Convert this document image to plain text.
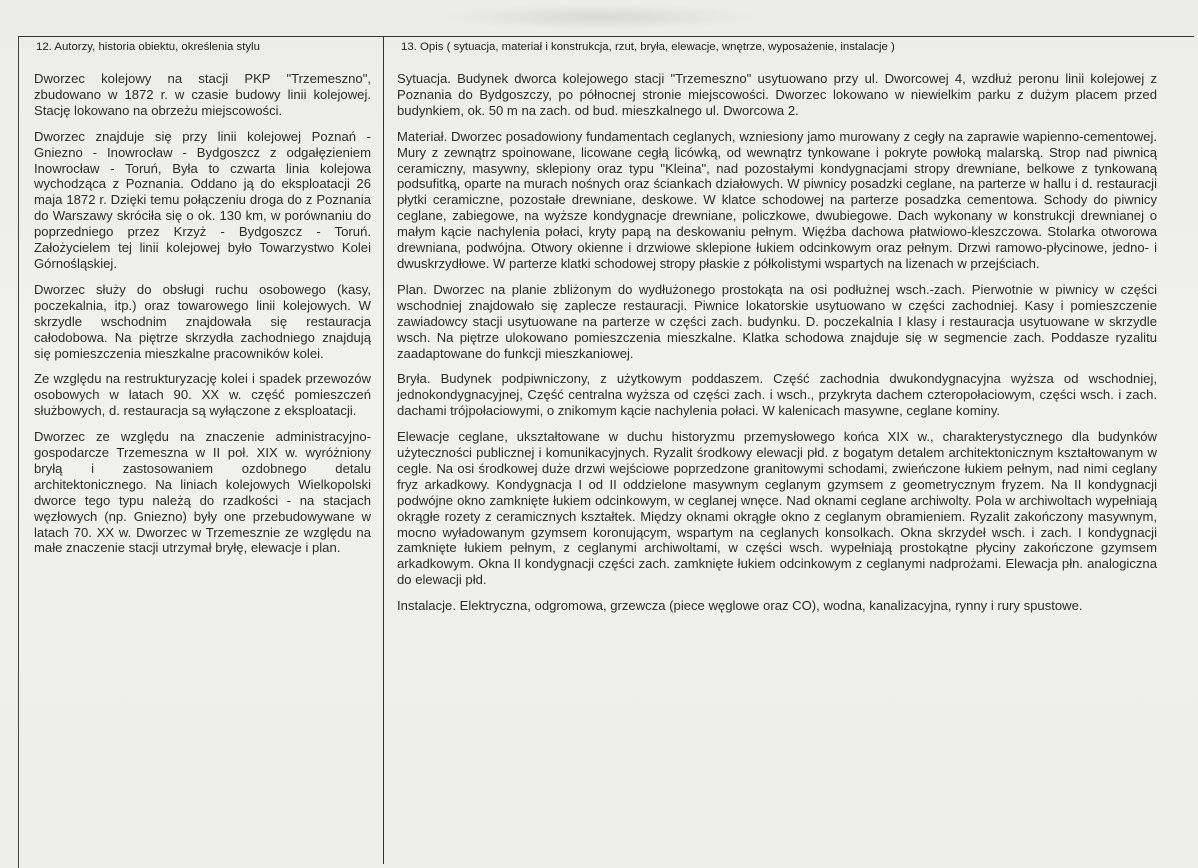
12. Autorzy, historia obiektu, określenia stylu

Dworzec kolejowy na stacji PKP "Trzemeszno", zbudowano w 1872 r. w czasie budowy linii kolejowej. Stację lokowano na obrzeżu miejscowości.

Dworzec znajduje się przy linii kolejowej Poznań - Gniezno - Inowrocław - Bydgoszcz z odgałęzieniem Inowrocław - Toruń, Była to czwarta linia kolejowa wychodząca z Poznania. Oddano ją do eksploatacji 26 maja 1872 r. Dzięki temu połączeniu droga do z Poznania do Warszawy skróciła się o ok. 130 km, w porównaniu do poprzedniego przez Krzyż - Bydgoszcz - Toruń. Założycielem tej linii kolejowej było Towarzystwo Kolei Górnośląskiej.

Dworzec służy do obsługi ruchu osobowego (kasy, poczekalnia, itp.) oraz towarowego linii kolejowych. W skrzydle wschodnim znajdowała się restauracja całodobowa. Na piętrze skrzydła zachodniego znajdują się pomieszczenia mieszkalne pracowników kolei.

Ze względu na restrukturyzację kolei i spadek przewozów osobowych w latach 90. XX w. część pomieszczeń służbowych, d. restauracja są wyłączone z eksploatacji.

Dworzec ze względu na znaczenie administracyjno-gospodarcze Trzemeszna w II poł. XIX w. wyróżniony bryłą i zastosowaniem ozdobnego detalu architektonicznego. Na liniach kolejowych Wielkopolski dworce tego typu należą do rzadkości - na stacjach węzłowych (np. Gniezno) były one przebudowywane w latach 70. XX w. Dworzec w Trzemesznie ze względu na małe znaczenie stacji utrzymał bryłę, elewacje i plan.

13. Opis ( sytuacja, materiał i konstrukcja, rzut, bryła, elewacje, wnętrze, wyposażenie, instalacje )

Sytuacja. Budynek dworca kolejowego stacji "Trzemeszno" usytuowano przy ul. Dworcowej 4, wzdłuż peronu linii kolejowej z Poznania do Bydgoszczy, po północnej stronie miejscowości. Dworzec lokowano w niewielkim parku z dużym placem przed budynkiem, ok. 50 m na zach. od bud. mieszkalnego ul. Dworcowa 2.

Materiał. Dworzec posadowiony fundamentach ceglanych, wzniesiony jamo murowany z cegły na zaprawie wapienno-cementowej. Mury z zewnątrz spoinowane, licowane cegłą licówką, od wewnątrz tynkowane i pokryte powłoką malarską. Strop nad piwnicą ceramiczny, masywny, sklepiony oraz typu "Kleina", nad pozostałymi kondygnacjami stropy drewniane, belkowe z tynkowaną podsufitką, oparte na murach nośnych oraz ściankach działowych. W piwnicy posadzki ceglane, na parterze w hallu i d. restauracji płytki ceramiczne, pozostałe drewniane, deskowe. W klatce schodowej na parterze posadzka cementowa. Schody do piwnicy ceglane, zabiegowe, na wyższe kondygnacje drewniane, policzkowe, dwubiegowe. Dach wykonany w konstrukcji drewnianej o małym kącie nachylenia połaci, kryty papą na deskowaniu pełnym. Więźba dachowa płatwiowo-kleszczowa. Stolarka otworowa drewniana, podwójna. Otwory okienne i drzwiowe sklepione łukiem odcinkowym oraz pełnym. Drzwi ramowo-płycinowe, jedno- i dwuskrzydłowe. W parterze klatki schodowej stropy płaskie z półkolistymi wspartych na lizenach w przejściach.

Plan. Dworzec na planie zbliżonym do wydłużonego prostokąta na osi podłużnej wsch.-zach. Pierwotnie w piwnicy w części wschodniej znajdowało się zaplecze restauracji. Piwnice lokatorskie usytuowano w części zachodniej. Kasy i pomieszczenie zawiadowcy stacji usytuowane na parterze w części zach. budynku. D. poczekalnia I klasy i restauracja usytuowane w skrzydle wsch. Na piętrze ulokowano pomieszczenia mieszkalne. Klatka schodowa znajduje się w segmencie zach. Poddasze ryzalitu zaadaptowane do funkcji mieszkaniowej.

Bryła. Budynek podpiwniczony, z użytkowym poddaszem. Część zachodnia dwukondygnacyjna wyższa od wschodniej, jednokondygnacyjnej, Część centralna wyższa od części zach. i wsch., przykryta dachem czteropołaciowym, części wsch. i zach. dachami trójpołaciowymi, o znikomym kącie nachylenia połaci. W kalenicach masywne, ceglane kominy.

Elewacje ceglane, ukształtowane w duchu historyzmu przemysłowego końca XIX w., charakterystycznego dla budynków użyteczności publicznej i komunikacyjnych. Ryzalit środkowy elewacji płd. z bogatym detalem architektonicznym kształtowanym w cegle. Na osi środkowej duże drzwi wejściowe poprzedzone granitowymi schodami, zwieńczone łukiem pełnym, nad nimi ceglany fryz arkadkowy. Kondygnacja I od II oddzielone masywnym ceglanym gzymsem z geometrycznym fryzem. Na II kondygnacji podwójne okno zamknięte łukiem odcinkowym, w ceglanej wnęce. Nad oknami ceglane archiwolty. Pola w archiwoltach wypełniają okrągłe rozety z ceramicznych kształtek. Między oknami okrągłe okno z ceglanym obramieniem. Ryzalit zakończony masywnym, mocno wyładowanym gzymsem koronującym, wspartym na ceglanych konsolkach. Okna skrzydeł wsch. i zach. I kondygnacji zamknięte łukiem pełnym, z ceglanymi archiwoltami, w części wsch. wypełniają prostokątne płyciny zakończone gzymsem arkadkowym. Okna II kondygnacji części zach. zamknięte łukiem odcinkowym z ceglanymi nadprożami. Elewacja płn. analogiczna do elewacji płd.

Instalacje. Elektryczna, odgromowa, grzewcza (piece węglowe oraz CO), wodna, kanalizacyjna, rynny i rury spustowe.
